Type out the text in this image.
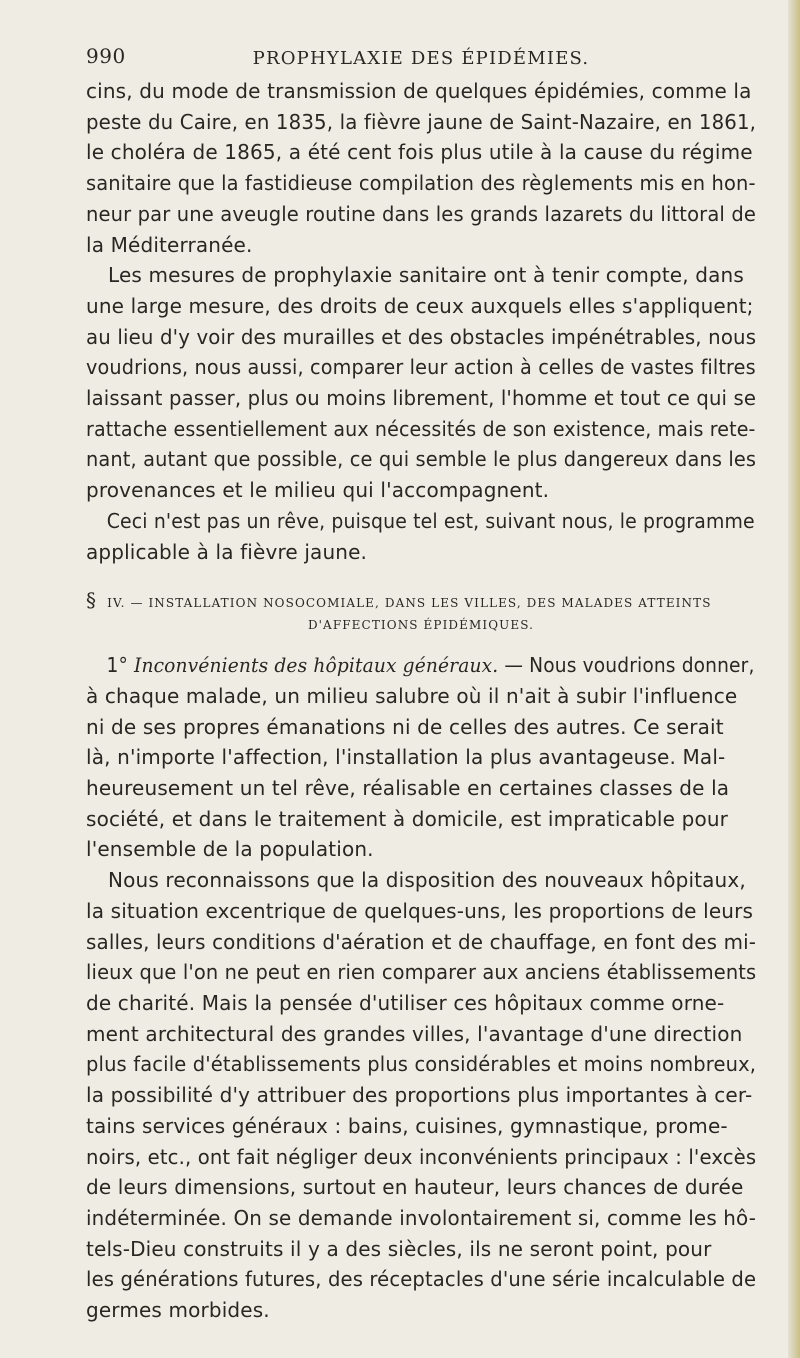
990	PROPHYLAXIE DES ÉPIDÉMIES.

cins, du mode de transmission de quelques épidémies, comme la
peste du Caire, en 1835, la fièvre jaune de Saint-Nazaire, en 1861,
le choléra de 1865, a été cent fois plus utile à la cause du régime
sanitaire que la fastidieuse compilation des règlements mis en hon-
neur par une aveugle routine dans les grands lazarets du littoral de
la Méditerranée.

Les mesures de prophylaxie sanitaire ont à tenir compte, dans
une large mesure, des droits de ceux auxquels elles s'appliquent;
au lieu d'y voir des murailles et des obstacles impénétrables, nous
voudrions, nous aussi, comparer leur action à celles de vastes filtres
laissant passer, plus ou moins librement, l'homme et tout ce qui se
rattache essentiellement aux nécessités de son existence, mais rete-
nant, autant que possible, ce qui semble le plus dangereux dans les
provenances et le milieu qui l'accompagnent.

Ceci n'est pas un rêve, puisque tel est, suivant nous, le programme
applicable à la fièvre jaune.

§ IV. — INSTALLATION NOSOCOMIALE, DANS LES VILLES, DES MALADES ATTEINTS
D'AFFECTIONS ÉPIDÉMIQUES.

1° Inconvénients des hôpitaux généraux. — Nous voudrions donner,
à chaque malade, un milieu salubre où il n'ait à subir l'influence
ni de ses propres émanations ni de celles des autres. Ce serait
là, n'importe l'affection, l'installation la plus avantageuse. Mal-
heureusement un tel rêve, réalisable en certaines classes de la
société, et dans le traitement à domicile, est impraticable pour
l'ensemble de la population.

Nous reconnaissons que la disposition des nouveaux hôpitaux,
la situation excentrique de quelques-uns, les proportions de leurs
salles, leurs conditions d'aération et de chauffage, en font des mi-
lieux que l'on ne peut en rien comparer aux anciens établissements
de charité. Mais la pensée d'utiliser ces hôpitaux comme orne-
ment architectural des grandes villes, l'avantage d'une direction
plus facile d'établissements plus considérables et moins nombreux,
la possibilité d'y attribuer des proportions plus importantes à cer-
tains services généraux : bains, cuisines, gymnastique, prome-
noirs, etc., ont fait négliger deux inconvénients principaux : l'excès
de leurs dimensions, surtout en hauteur, leurs chances de durée
indéterminée. On se demande involontairement si, comme les hô-
tels-Dieu construits il y a des siècles, ils ne seront point, pour
les générations futures, des réceptacles d'une série incalculable de
germes morbides.
